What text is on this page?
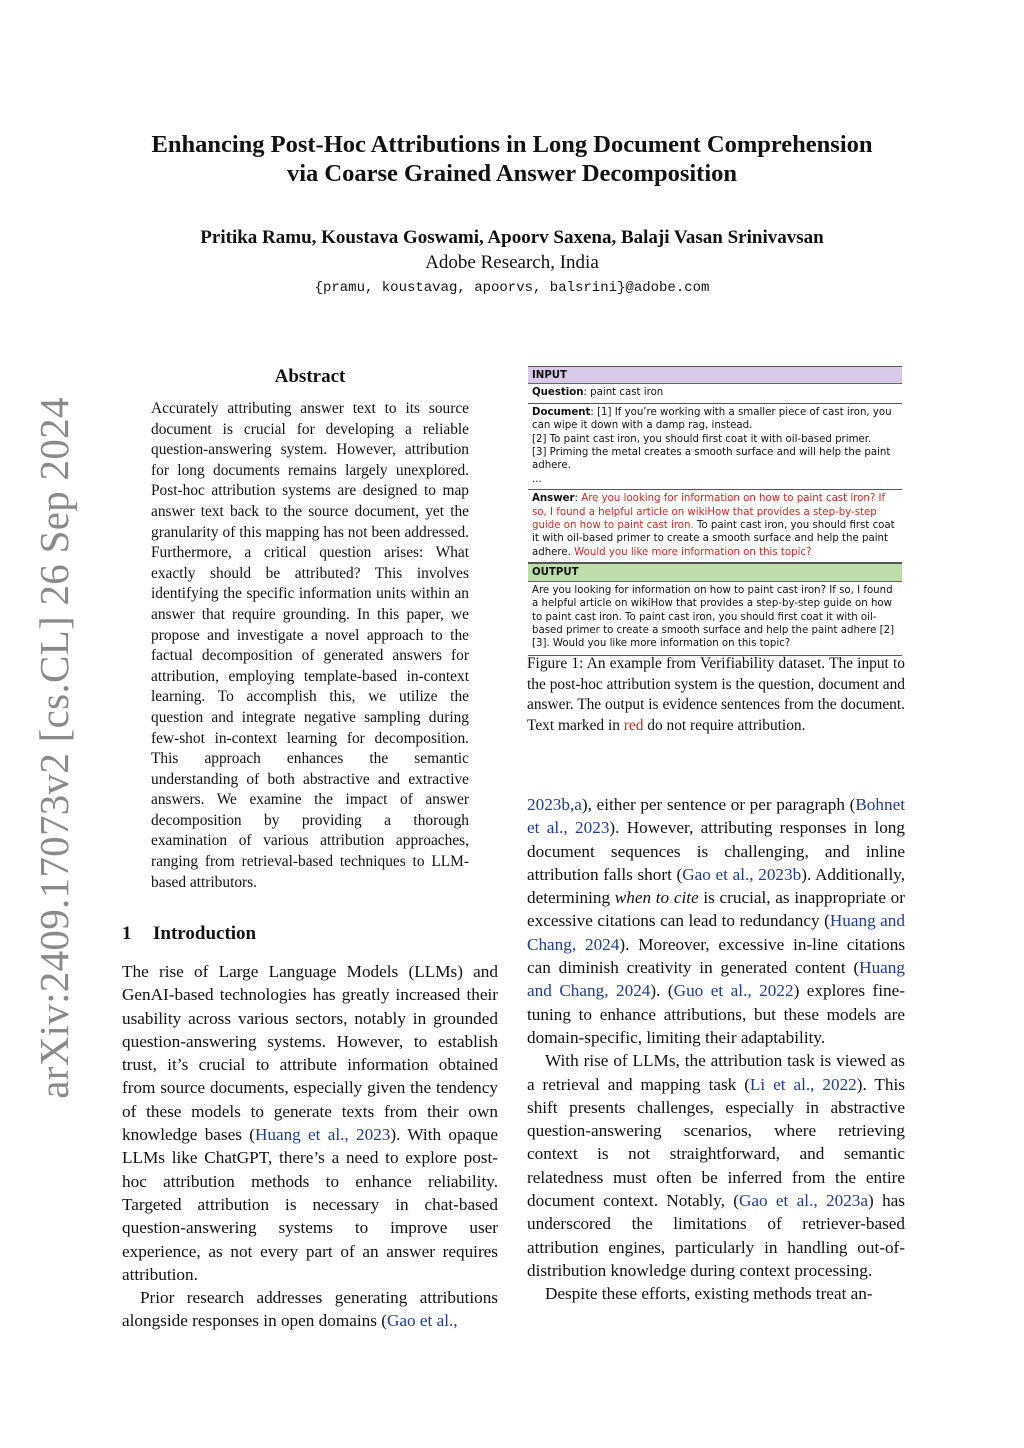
arXiv:2409.17073v2 [cs.CL] 26 Sep 2024
Enhancing Post-Hoc Attributions in Long Document Comprehension
via Coarse Grained Answer Decomposition
Pritika Ramu, Koustava Goswami, Apoorv Saxena, Balaji Vasan Srinivavsan
Adobe Research, India
{pramu, koustavag, apoorvs, balsrini}@adobe.com
Abstract
Accurately attributing answer text to its source document is crucial for developing a reliable question-answering system. However, attribution for long documents remains largely unexplored. Post-hoc attribution systems are designed to map answer text back to the source document, yet the granularity of this mapping has not been addressed. Furthermore, a critical question arises: What exactly should be attributed? This involves identifying the specific information units within an answer that require grounding. In this paper, we propose and investigate a novel approach to the factual decomposition of generated answers for attribution, employing template-based in-context learning. To accomplish this, we utilize the question and integrate negative sampling during few-shot in-context learning for decomposition. This approach enhances the semantic understanding of both abstractive and extractive answers. We examine the impact of answer decomposition by providing a thorough examination of various attribution approaches, ranging from retrieval-based techniques to LLM-based attributors.
1 Introduction

The rise of Large Language Models (LLMs) and GenAI-based technologies has greatly increased their usability across various sectors, notably in grounded question-answering systems. However, to establish trust, it’s crucial to attribute information obtained from source documents, especially given the tendency of these models to generate texts from their own knowledge bases (Huang et al., 2023). With opaque LLMs like ChatGPT, there’s a need to explore post-hoc attribution methods to enhance reliability. Targeted attribution is necessary in chat-based question-answering systems to improve user experience, as not every part of an answer requires attribution.

Prior research addresses generating attributions alongside responses in open domains (Gao et al.,

INPUT
Question: paint cast iron
Document: [1] If you’re working with a smaller piece of cast iron, you can wipe it down with a damp rag, instead.
[2] To paint cast iron, you should first coat it with oil-based primer.
[3] Priming the metal creates a smooth surface and will help the paint adhere.
...
Answer: Are you looking for information on how to paint cast iron? If so, I found a helpful article on wikiHow that provides a step-by-step guide on how to paint cast iron. To paint cast iron, you should first coat it with oil-based primer to create a smooth surface and help the paint adhere. Would you like more information on this topic?
OUTPUT
Are you looking for information on how to paint cast iron? If so, I found a helpful article on wikiHow that provides a step-by-step guide on how to paint cast iron. To paint cast iron, you should first coat it with oil-based primer to create a smooth surface and help the paint adhere [2][3]. Would you like more information on this topic?
Figure 1: An example from Verifiability dataset. The input to the post-hoc attribution system is the question, document and answer. The output is evidence sentences from the document. Text marked in red do not require attribution.

2023b,a), either per sentence or per paragraph (Bohnet et al., 2023). However, attributing responses in long document sequences is challenging, and inline attribution falls short (Gao et al., 2023b). Additionally, determining when to cite is crucial, as inappropriate or excessive citations can lead to redundancy (Huang and Chang, 2024). Moreover, excessive in-line citations can diminish creativity in generated content (Huang and Chang, 2024). (Guo et al., 2022) explores fine-tuning to enhance attributions, but these models are domain-specific, limiting their adaptability.

With rise of LLMs, the attribution task is viewed as a retrieval and mapping task (Li et al., 2022). This shift presents challenges, especially in abstractive question-answering scenarios, where retrieving context is not straightforward, and semantic relatedness must often be inferred from the entire document context. Notably, (Gao et al., 2023a) has underscored the limitations of retriever-based attribution engines, particularly in handling out-of-distribution knowledge during context processing.

Despite these efforts, existing methods treat an-
